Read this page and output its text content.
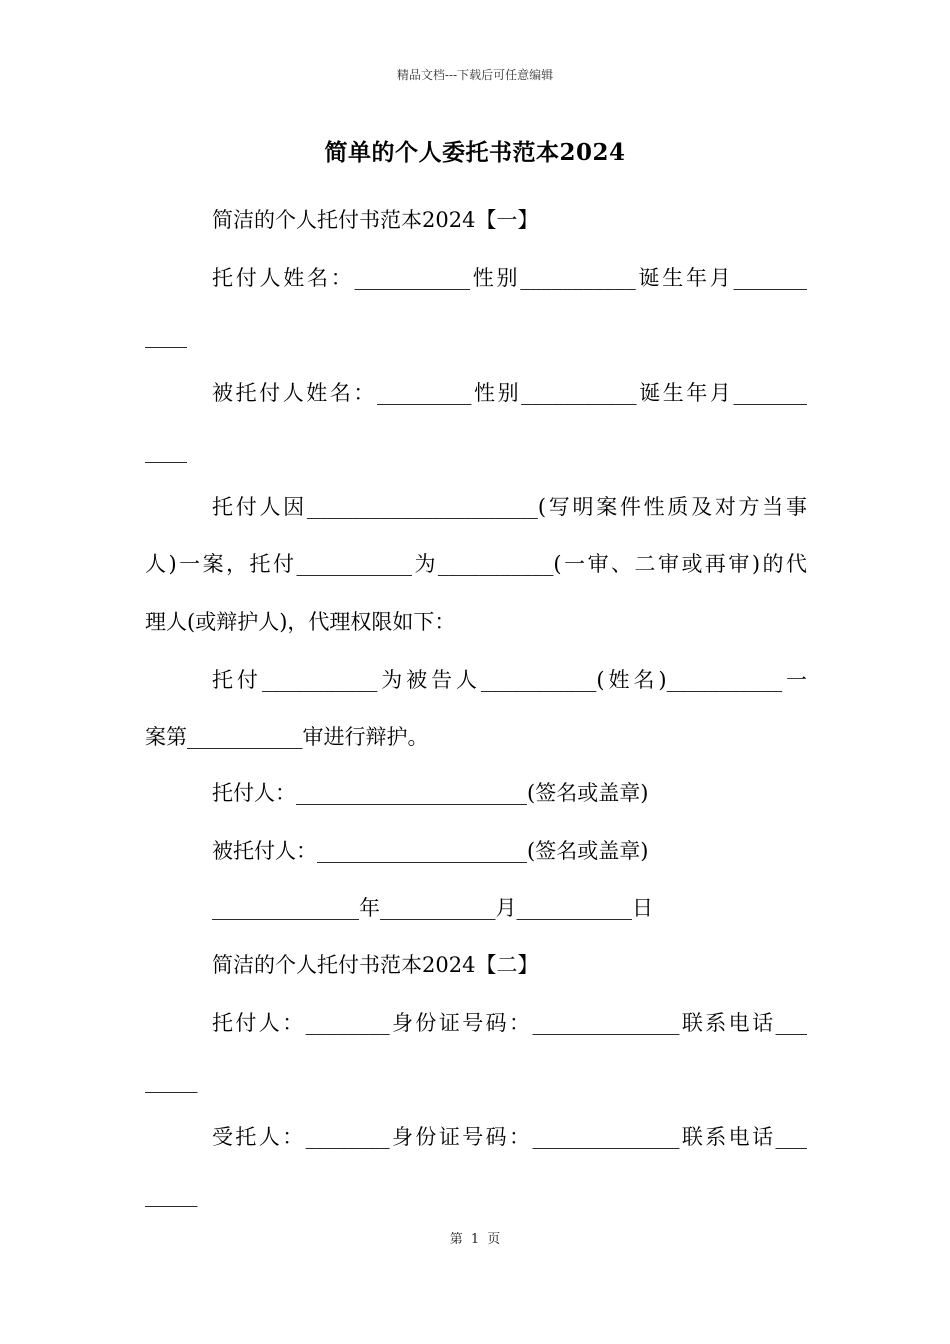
精品文档---下载后可任意编辑
简单的个人委托书范本2024
简洁的个人托付书范本2024【一】
托付人姓名：___________性别___________诞生年月_______
____
被托付人姓名：_________性别___________诞生年月_______
____
托付人因______________________(写明案件性质及对方当事
人)一案，托付___________为___________(一审、二审或再审)的代
理人(或辩护人)，代理权限如下：
托付___________为被告人___________(姓名)___________一
案第___________审进行辩护。
托付人：______________________(签名或盖章)
被托付人：____________________(签名或盖章)
______________年___________月___________日
简洁的个人托付书范本2024【二】
托付人：________身份证号码：______________联系电话___
_____
受托人：________身份证号码：______________联系电话___
_____
第 1 页
